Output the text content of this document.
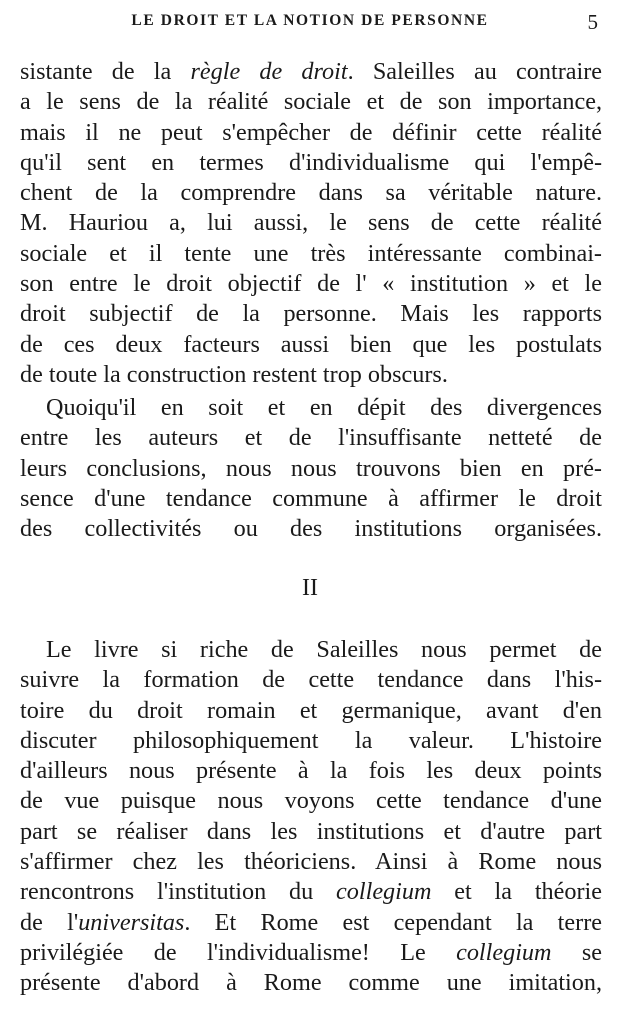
LE DROIT ET LA NOTION DE PERSONNE	5
sistante de la règle de droit. Saleilles au contraire
a le sens de la réalité sociale et de son importance,
mais il ne peut s'empêcher de définir cette réalité
qu'il sent en termes d'individualisme qui l'empê-
chent de la comprendre dans sa véritable nature.
M. Hauriou a, lui aussi, le sens de cette réalité
sociale et il tente une très intéressante combinai-
son entre le droit objectif de l' « institution » et le
droit subjectif de la personne. Mais les rapports
de ces deux facteurs aussi bien que les postulats
de toute la construction restent trop obscurs.
Quoiqu'il en soit et en dépit des divergences
entre les auteurs et de l'insuffisante netteté de
leurs conclusions, nous nous trouvons bien en pré-
sence d'une tendance commune à affirmer le droit
des collectivités ou des institutions organisées.
II
Le livre si riche de Saleilles nous permet de
suivre la formation de cette tendance dans l'his-
toire du droit romain et germanique, avant d'en
discuter philosophiquement la valeur. L'histoire
d'ailleurs nous présente à la fois les deux points
de vue puisque nous voyons cette tendance d'une
part se réaliser dans les institutions et d'autre part
s'affirmer chez les théoriciens. Ainsi à Rome nous
rencontrons l'institution du collegium et la théorie
de l'universitas. Et Rome est cependant la terre
privilégiée de l'individualisme! Le collegium se
présente d'abord à Rome comme une imitation,
